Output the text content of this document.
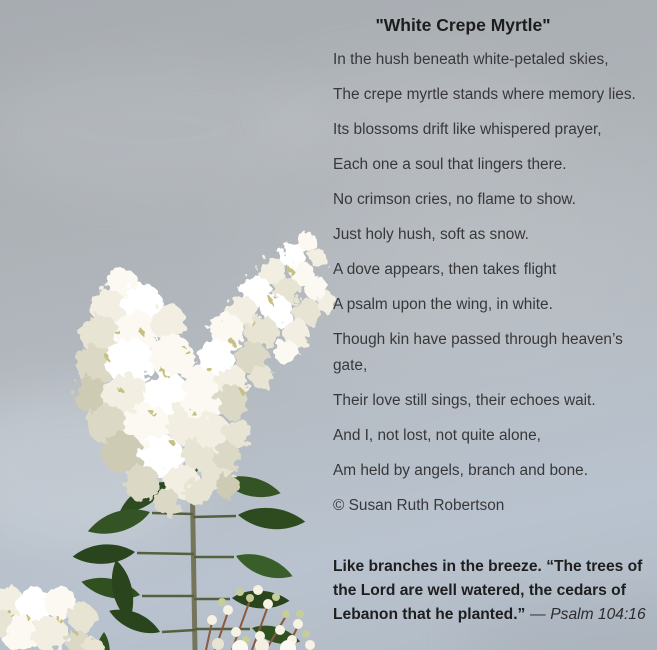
"White Crepe Myrtle"
In the hush beneath white-petaled skies,
The crepe myrtle stands where memory lies.
Its blossoms drift like whispered prayer,
Each one a soul that lingers there.
No crimson cries, no flame to show.
Just holy hush, soft as snow.
A dove appears, then takes flight
A psalm upon the wing, in white.
Though kin have passed through heaven’s gate,
Their love still sings, their echoes wait.
And I, not lost, not quite alone,
Am held by angels, branch and bone.
© Susan Ruth Robertson
Like branches in the breeze. “The trees of
the Lord are well watered, the cedars of
Lebanon that he planted.” — Psalm 104:16
